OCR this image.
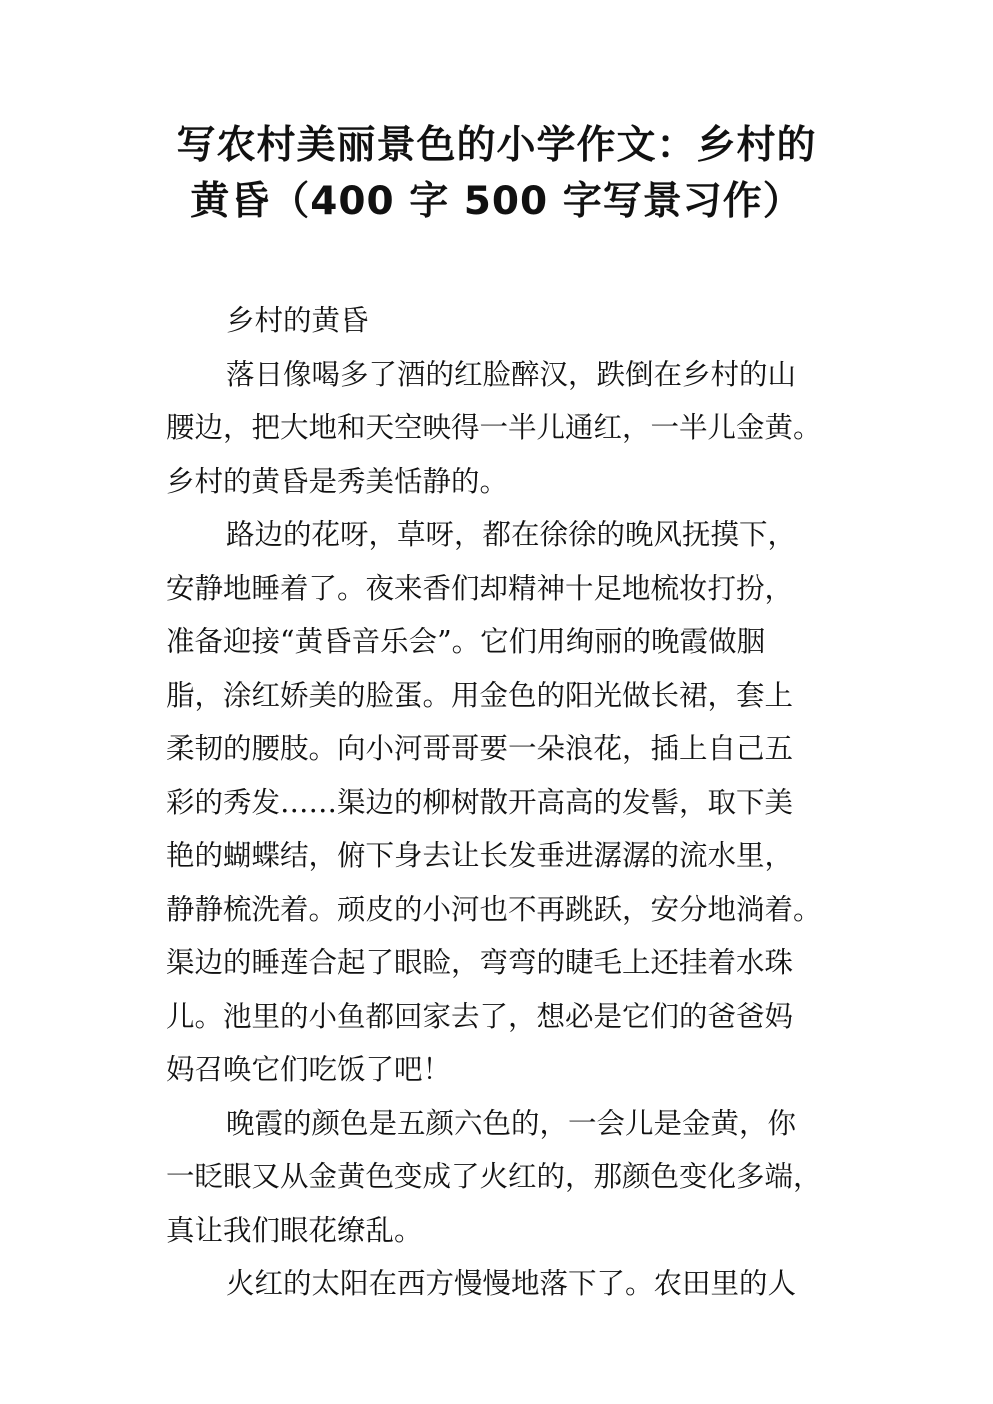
写农村美丽景色的小学作文：乡村的
黄昏（400 字 500 字写景习作）
乡村的黄昏
落日像喝多了酒的红脸醉汉，跌倒在乡村的山
腰边，把大地和天空映得一半儿通红，一半儿金黄。
乡村的黄昏是秀美恬静的。
路边的花呀，草呀，都在徐徐的晚风抚摸下，
安静地睡着了。夜来香们却精神十足地梳妆打扮，
准备迎接“黄昏音乐会”。它们用绚丽的晚霞做胭
脂，涂红娇美的脸蛋。用金色的阳光做长裙，套上
柔韧的腰肢。向小河哥哥要一朵浪花，插上自己五
彩的秀发……渠边的柳树散开高高的发髻，取下美
艳的蝴蝶结，俯下身去让长发垂进潺潺的流水里，
静静梳洗着。顽皮的小河也不再跳跃，安分地淌着。
渠边的睡莲合起了眼睑，弯弯的睫毛上还挂着水珠
儿。池里的小鱼都回家去了，想必是它们的爸爸妈
妈召唤它们吃饭了吧！
晚霞的颜色是五颜六色的，一会儿是金黄，你
一眨眼又从金黄色变成了火红的，那颜色变化多端，
真让我们眼花缭乱。
火红的太阳在西方慢慢地落下了。农田里的人
